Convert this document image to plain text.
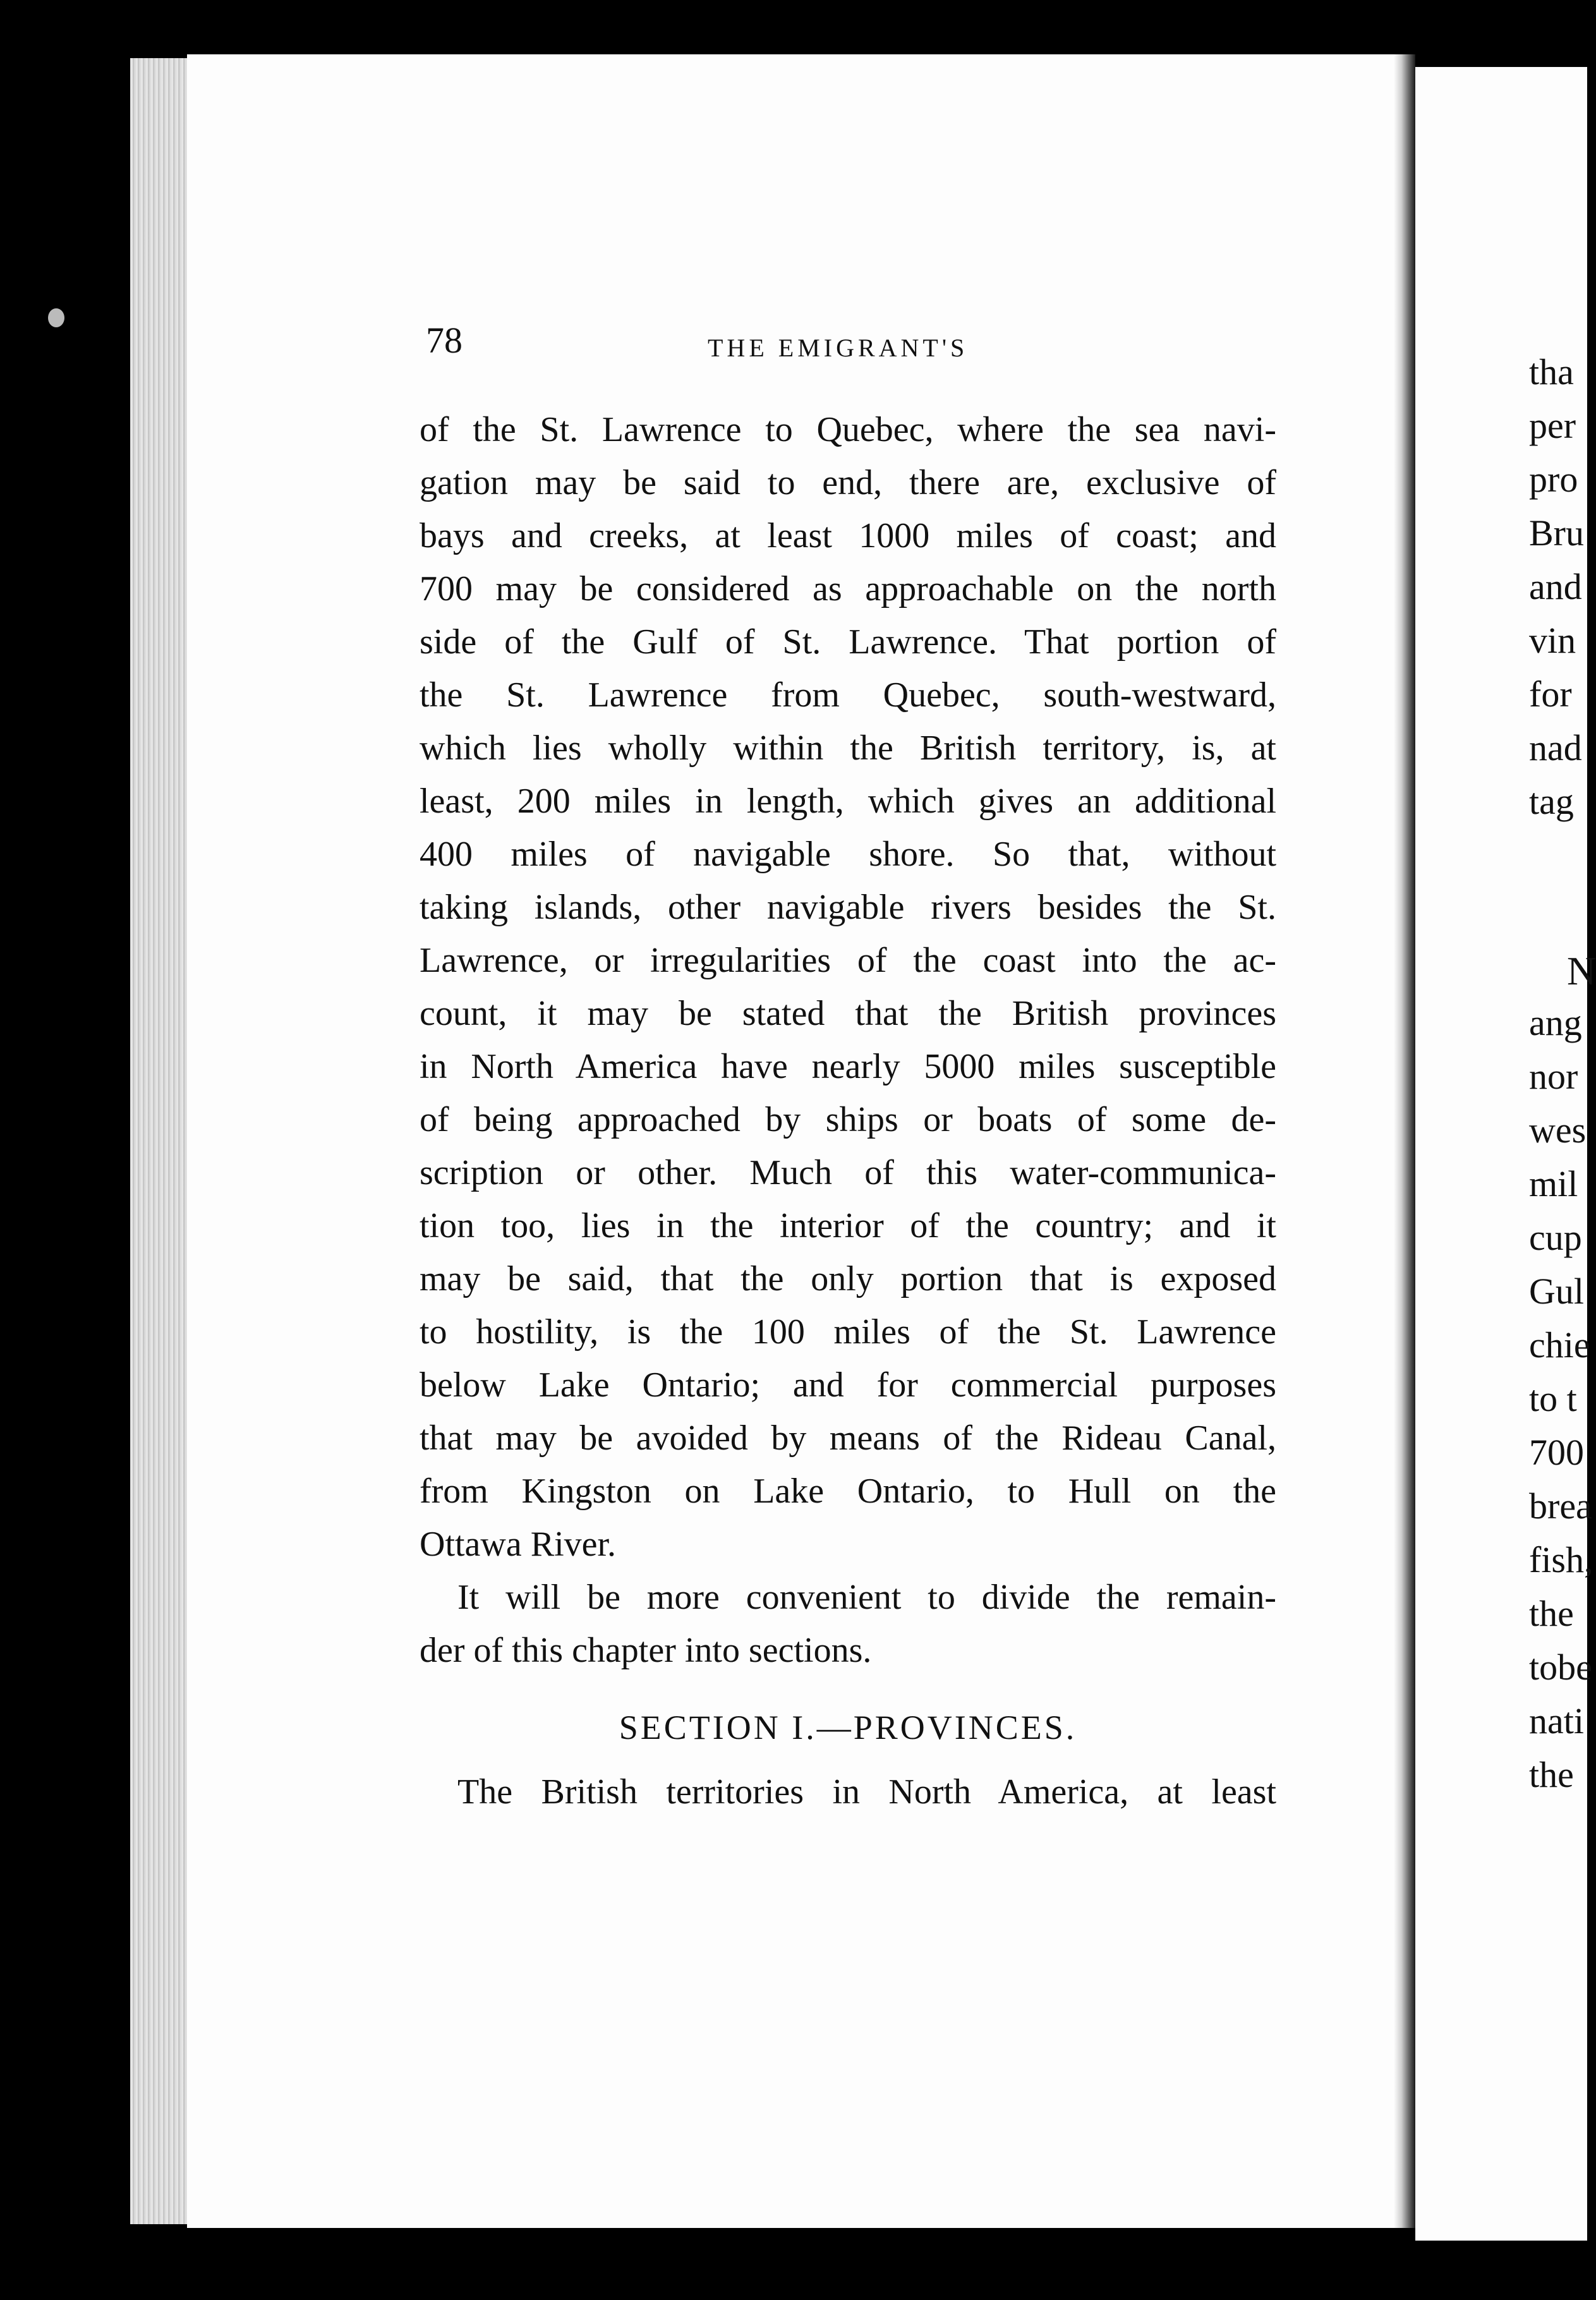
tha
per
pro
Bru
and
vin
for
nad
tag
N
ang
nor
wes
mil
cup
Gul
chie
to t
700
brea
fish,
the
tobe
nati
the
78	THE EMIGRANT'S
of the St. Lawrence to Quebec, where the sea navi-
gation may be said to end, there are, exclusive of
bays and creeks, at least 1000 miles of coast; and
700 may be considered as approachable on the north
side of the Gulf of St. Lawrence. That portion of
the St. Lawrence from Quebec, south-westward,
which lies wholly within the British territory, is, at
least, 200 miles in length, which gives an additional
400 miles of navigable shore. So that, without
taking islands, other navigable rivers besides the St.
Lawrence, or irregularities of the coast into the ac-
count, it may be stated that the British provinces
in North America have nearly 5000 miles susceptible
of being approached by ships or boats of some de-
scription or other. Much of this water-communica-
tion too, lies in the interior of the country; and it
may be said, that the only portion that is exposed
to hostility, is the 100 miles of the St. Lawrence
below Lake Ontario; and for commercial purposes
that may be avoided by means of the Rideau Canal,
from Kingston on Lake Ontario, to Hull on the
Ottawa River.
It will be more convenient to divide the remain-
der of this chapter into sections.
SECTION I.—PROVINCES.
The British territories in North America, at least
